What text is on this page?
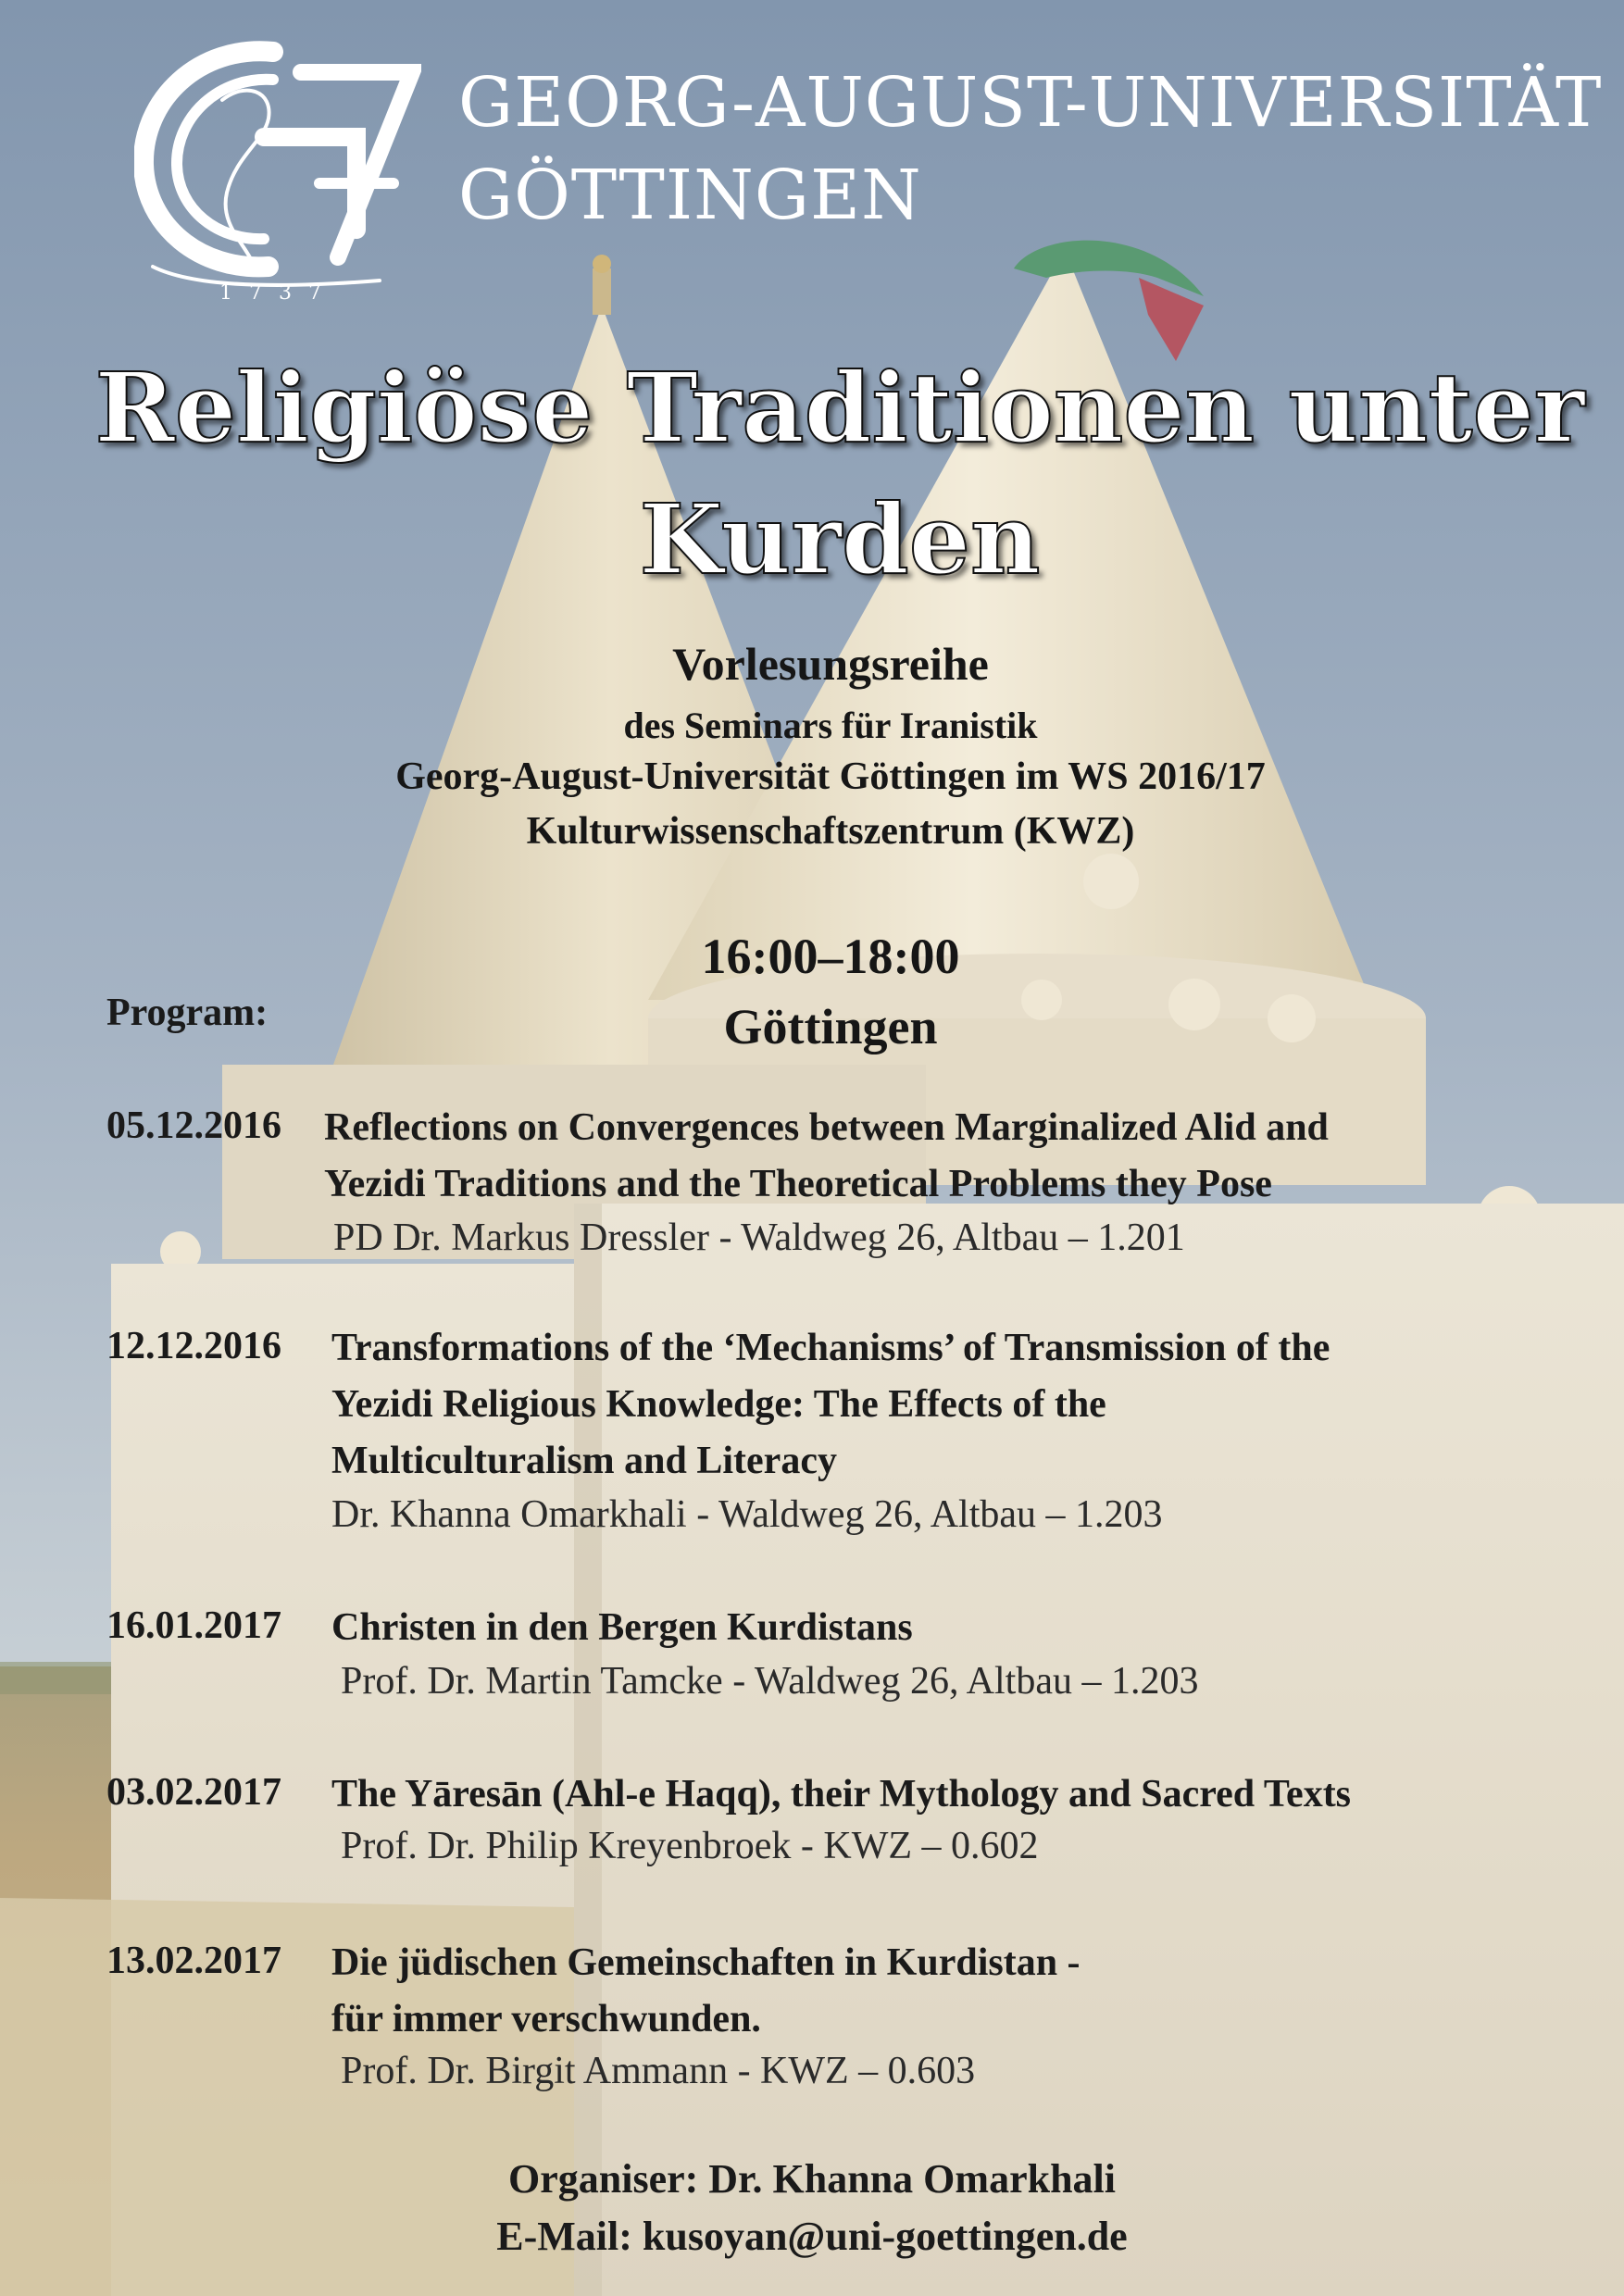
1737
GEORG-AUGUST-UNIVERSITÄT
GÖTTINGEN
Religiöse Traditionen unter
Kurden
Vorlesungsreihe
des Seminars für Iranistik
Georg-August-Universität Göttingen im WS 2016/17
Kulturwissenschaftszentrum (KWZ)
16:00–18:00
Göttingen
Program:
05.12.2016 Reflections on Convergences between Marginalized Alid and
Yezidi Traditions and the Theoretical Problems they Pose
PD Dr. Markus Dressler - Waldweg 26, Altbau – 1.201
12.12.2016 Transformations of the ‘Mechanisms’ of Transmission of the
Yezidi Religious Knowledge: The Effects of the
Multiculturalism and Literacy
Dr. Khanna Omarkhali - Waldweg 26, Altbau – 1.203
16.01.2017 Christen in den Bergen Kurdistans
Prof. Dr. Martin Tamcke - Waldweg 26, Altbau – 1.203
03.02.2017 The Yāresān (Ahl-e Haqq), their Mythology and Sacred Texts
Prof. Dr. Philip Kreyenbroek - KWZ – 0.602
13.02.2017 Die jüdischen Gemeinschaften in Kurdistan -
für immer verschwunden.
Prof. Dr. Birgit Ammann - KWZ – 0.603
Organiser: Dr. Khanna Omarkhali
E-Mail: kusoyan@uni-goettingen.de
